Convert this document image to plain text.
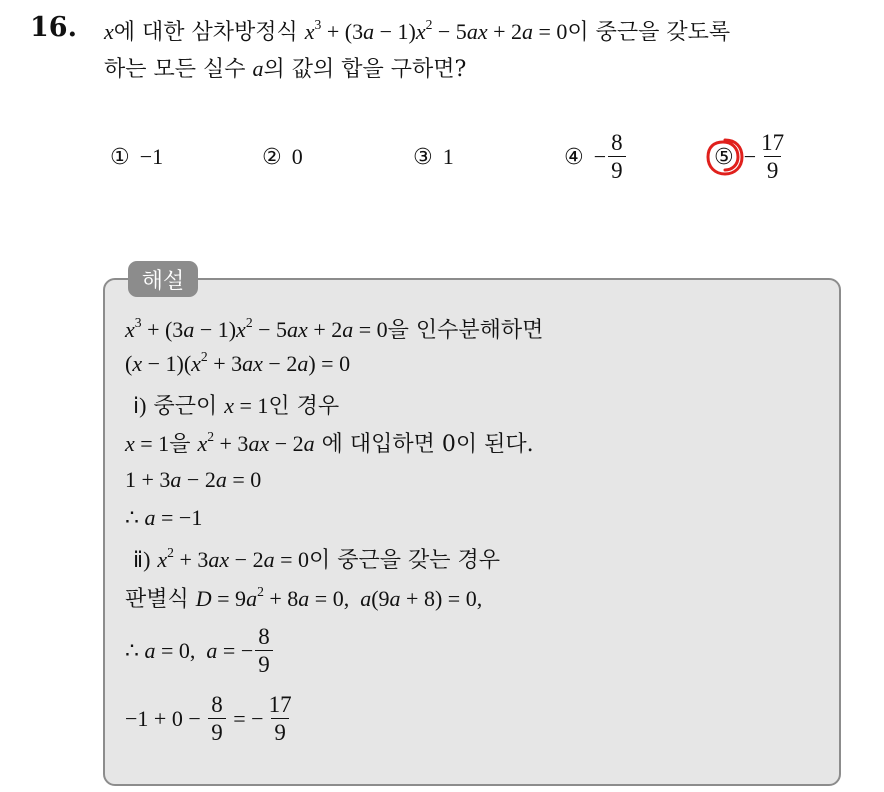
16. x에 대한 삼차방정식 $x^3 + (3a - 1)x^2 - 5ax + 2a = 0$이 중근을 갖도록
하는 모든 실수 a의 값의 합을 구하면?
① −1	② 0	③ 1	④ − $\frac{8}{9}$	⑤ − $\frac{17}{9}$
해설
$x^3 + (3a - 1)x^2 - 5ax + 2a = 0$을 인수분해하면
$(x - 1)(x^2 + 3ax - 2a) = 0$
ⅰ) 중근이 x = 1인 경우
x = 1을 $x^2 + 3ax - 2a$ 에 대입하면 0이 된다.
1 + 3a − 2a = 0
∴ a = −1
ⅱ) $x^2 + 3ax - 2a = 0$이 중근을 갖는 경우
판별식 $D = 9a^2 + 8a = 0$,  a(9a + 8) = 0,
∴ a = 0,  a = − $\frac{8}{9}$
$-1 + 0 - \frac{8}{9}$ = − $\frac{17}{9}$
